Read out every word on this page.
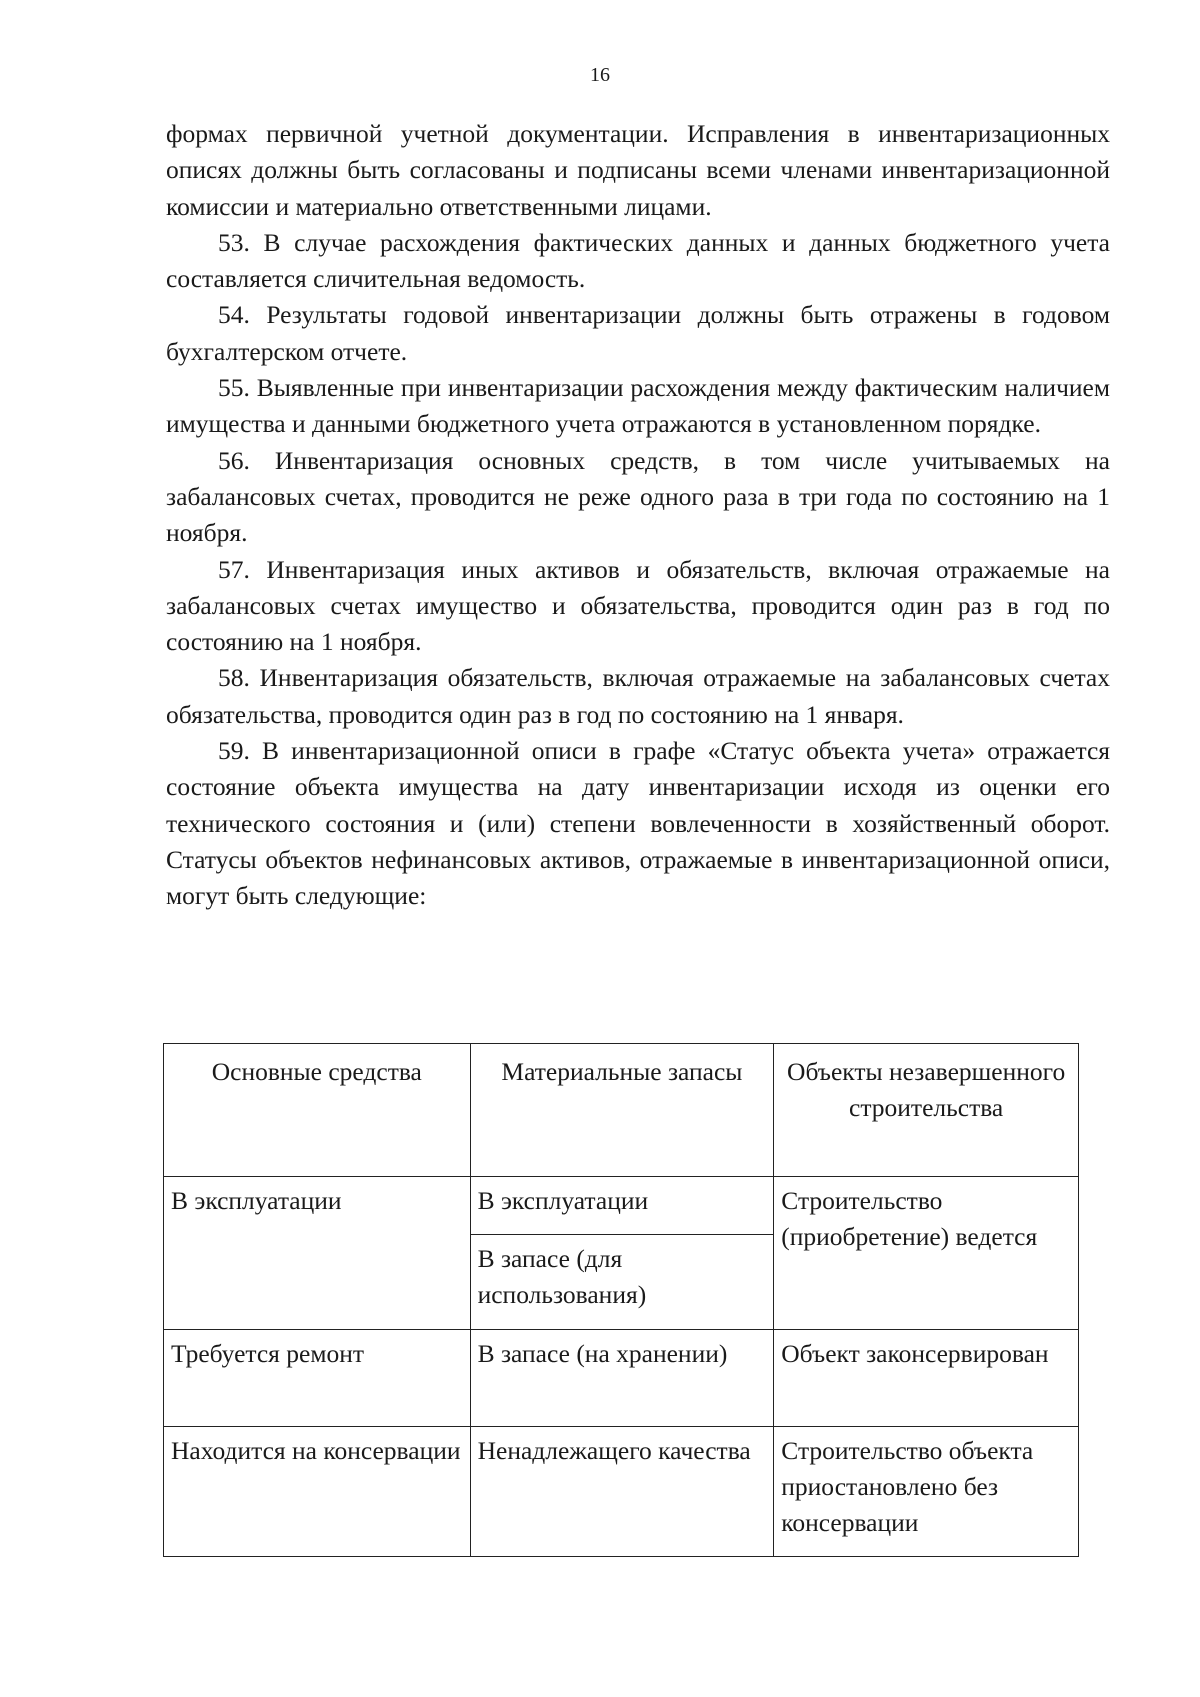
16

формах первичной учетной документации. Исправления в инвентаризационных описях должны быть согласованы и подписаны всеми членами инвентаризационной комиссии и материально ответственными лицами.

53. В случае расхождения фактических данных и данных бюджетного учета составляется сличительная ведомость.

54. Результаты годовой инвентаризации должны быть отражены в годовом бухгалтерском отчете.

55. Выявленные при инвентаризации расхождения между фактическим наличием имущества и данными бюджетного учета отражаются в установленном порядке.

56. Инвентаризация основных средств, в том числе учитываемых на забалансовых счетах, проводится не реже одного раза в три года по состоянию на 1 ноября.

57. Инвентаризация иных активов и обязательств, включая отражаемые на забалансовых счетах имущество и обязательства, проводится один раз в год по состоянию на 1 ноября.

58. Инвентаризация обязательств, включая отражаемые на забалансовых счетах обязательства, проводится один раз в год по состоянию на 1 января.

59. В инвентаризационной описи в графе «Статус объекта учета» отражается состояние объекта имущества на дату инвентаризации исходя из оценки его технического состояния и (или) степени вовлеченности в хозяйственный оборот. Статусы объектов нефинансовых активов, отражаемые в инвентаризационной описи, могут быть следующие:

Основные средства	Материальные запасы	Объекты незавершенного строительства
В эксплуатации	В эксплуатации	Строительство (приобретение) ведется
	В запасе (для использования)	
Требуется ремонт	В запасе (на хранении)	Объект законсервирован
Находится на консервации	Ненадлежащего качества	Строительство объекта приостановлено без консервации
